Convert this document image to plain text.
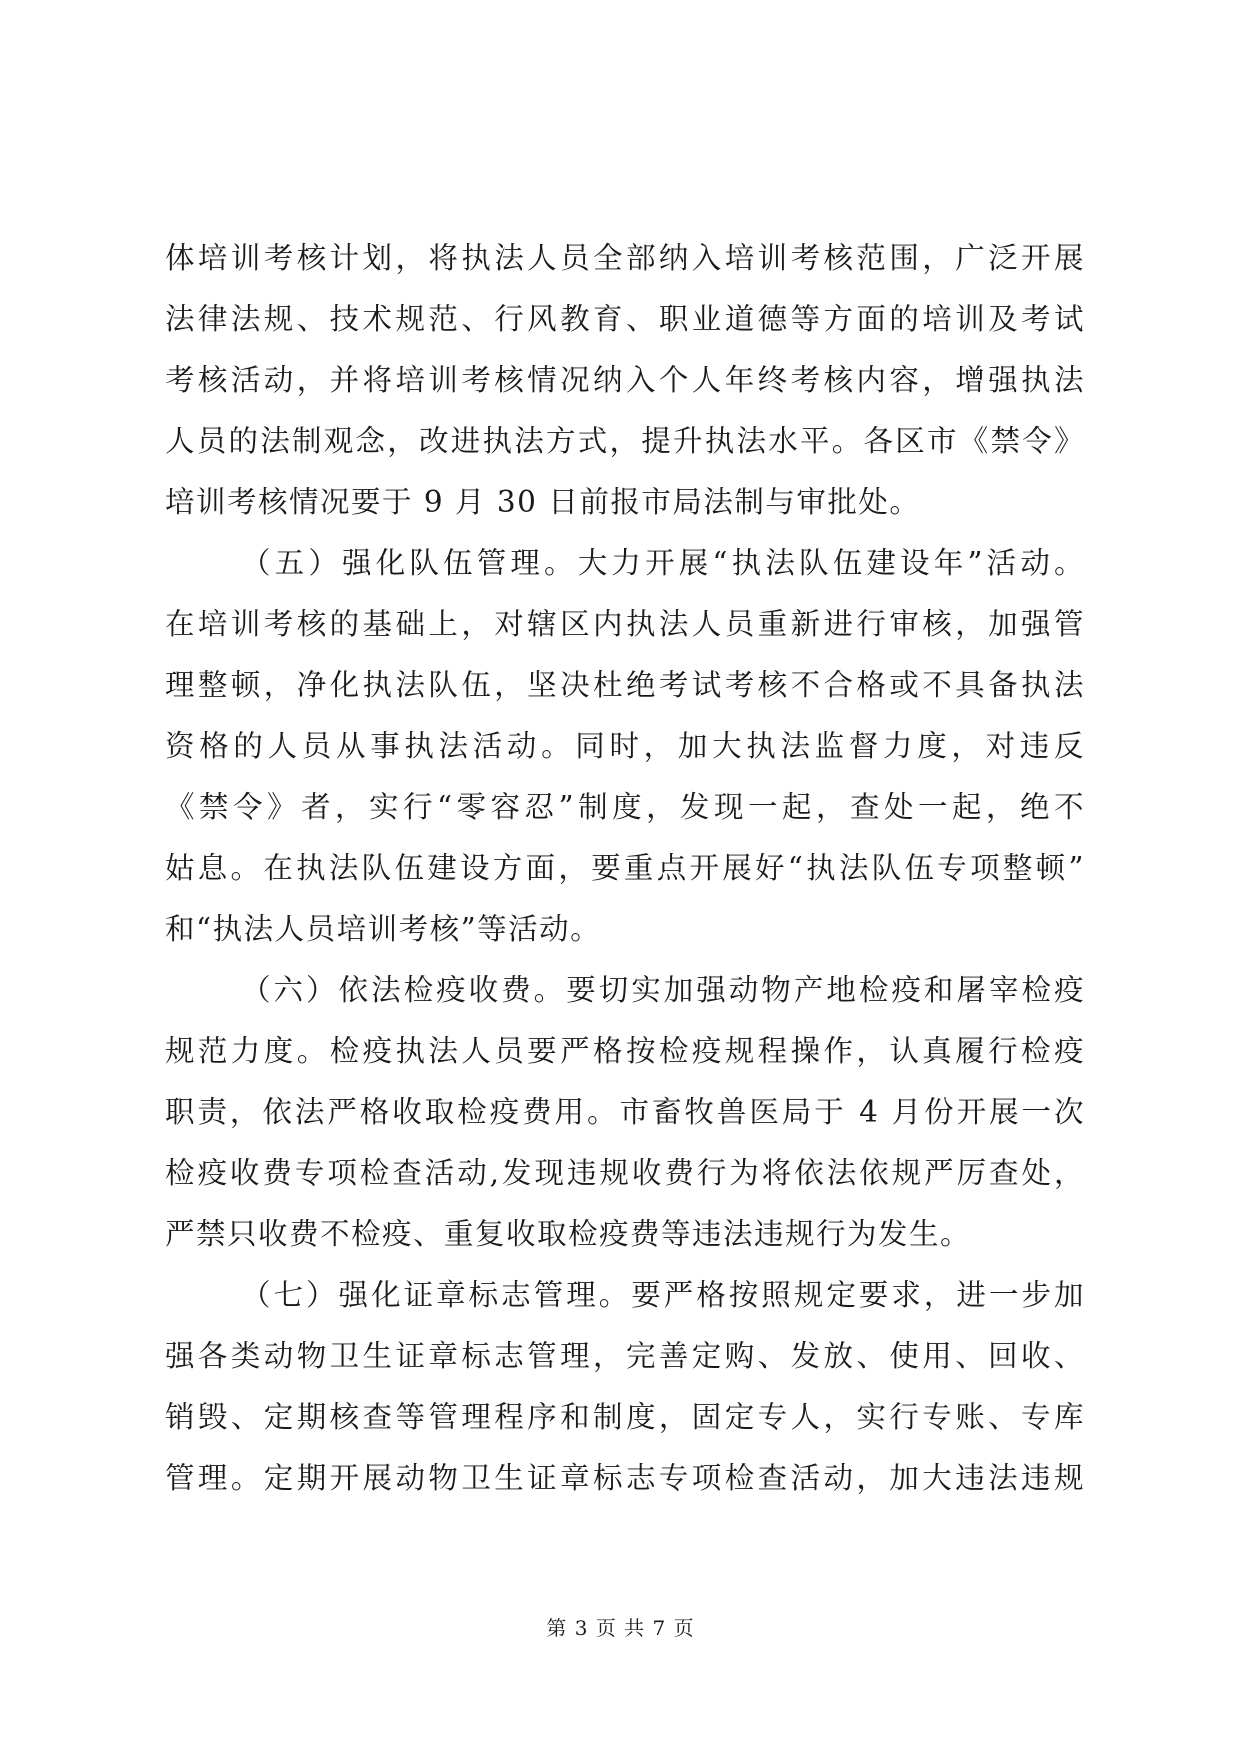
体培训考核计划，将执法人员全部纳入培训考核范围，广泛开展
法律法规、技术规范、行风教育、职业道德等方面的培训及考试
考核活动，并将培训考核情况纳入个人年终考核内容，增强执法
人员的法制观念，改进执法方式，提升执法水平。各区市《禁令》
培训考核情况要于 9 月 30 日前报市局法制与审批处。
（五）强化队伍管理。大力开展“执法队伍建设年”活动。
在培训考核的基础上，对辖区内执法人员重新进行审核，加强管
理整顿，净化执法队伍，坚决杜绝考试考核不合格或不具备执法
资格的人员从事执法活动。同时，加大执法监督力度，对违反
《禁令》者，实行“零容忍”制度，发现一起，查处一起，绝不
姑息。在执法队伍建设方面，要重点开展好“执法队伍专项整顿”
和“执法人员培训考核”等活动。
（六）依法检疫收费。要切实加强动物产地检疫和屠宰检疫
规范力度。检疫执法人员要严格按检疫规程操作，认真履行检疫
职责，依法严格收取检疫费用。市畜牧兽医局于 4 月份开展一次
检疫收费专项检查活动,发现违规收费行为将依法依规严厉查处，
严禁只收费不检疫、重复收取检疫费等违法违规行为发生。
（七）强化证章标志管理。要严格按照规定要求，进一步加
强各类动物卫生证章标志管理，完善定购、发放、使用、回收、
销毁、定期核查等管理程序和制度，固定专人，实行专账、专库
管理。定期开展动物卫生证章标志专项检查活动，加大违法违规
第 3 页 共 7 页
